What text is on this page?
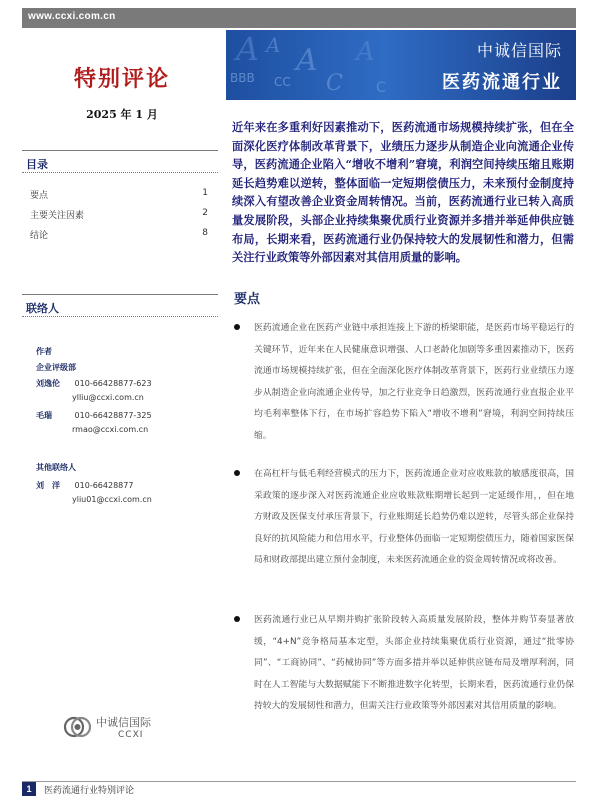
www.ccxi.com.cn
A A A
BBB CC C
A
C
中诚信国际
医药流通行业
特别评论
2025 年 1 月
目录
要点	1
主要关注因素	2
结论	8
联络人
作者
企业评级部
刘逸伦 010-66428877-623
ylliu@ccxi.com.cn
毛瑞	010-66428877-325
rmao@ccxi.com.cn
其他联络人
刘　洋 010-66428877
yliu01@ccxi.com.cn
中诚信国际
CCXI
近年来在多重利好因素推动下，医药流通市场规模持续扩张，但在全面深化医疗体制改革背景下，业绩压力逐步从制造企业向流通企业传导，医药流通企业陷入“增收不增利”窘境，利润空间持续压缩且账期延长趋势难以逆转，整体面临一定短期偿债压力，未来预付金制度持续深入有望改善企业资金周转情况。当前，医药流通行业已转入高质量发展阶段，头部企业持续集聚优质行业资源并多措并举延伸供应链布局，长期来看，医药流通行业仍保持较大的发展韧性和潜力，但需关注行业政策等外部因素对其信用质量的影响。
要点
医药流通企业在医药产业链中承担连接上下游的桥梁职能，是医药市场平稳运行的关键环节，近年来在人民健康意识增强、人口老龄化加剧等多重因素推动下，医药流通市场规模持续扩张，但在全面深化医疗体制改革背景下，医药行业业绩压力逐步从制造企业向流通企业传导，加之行业竞争日趋激烈，医药流通行业直报企业平均毛利率整体下行，在市场扩容趋势下陷入“增收不增利”窘境，利润空间持续压缩。
在高杠杆与低毛利经营模式的压力下，医药流通企业对应收账款的敏感度很高，国采政策的逐步深入对医药流通企业应收账款账期增长起到一定延缓作用，，但在地方财政及医保支付承压背景下，行业账期延长趋势仍难以逆转，尽管头部企业保持良好的抗风险能力和信用水平，行业整体仍面临一定短期偿债压力，随着国家医保局和财政部提出建立预付金制度，未来医药流通企业的资金周转情况或将改善。
医药流通行业已从早期并购扩张阶段转入高质量发展阶段，整体并购节奏显著放缓，“4+N”竞争格局基本定型，头部企业持续集聚优质行业资源，通过“批零协同”、“工商协同”、“药械协同”等方面多措并举以延伸供应链布局及增厚利润，同时在人工智能与大数据赋能下不断推进数字化转型，长期来看，医药流通行业仍保持较大的发展韧性和潜力，但需关注行业政策等外部因素对其信用质量的影响。
1	医药流通行业特别评论
